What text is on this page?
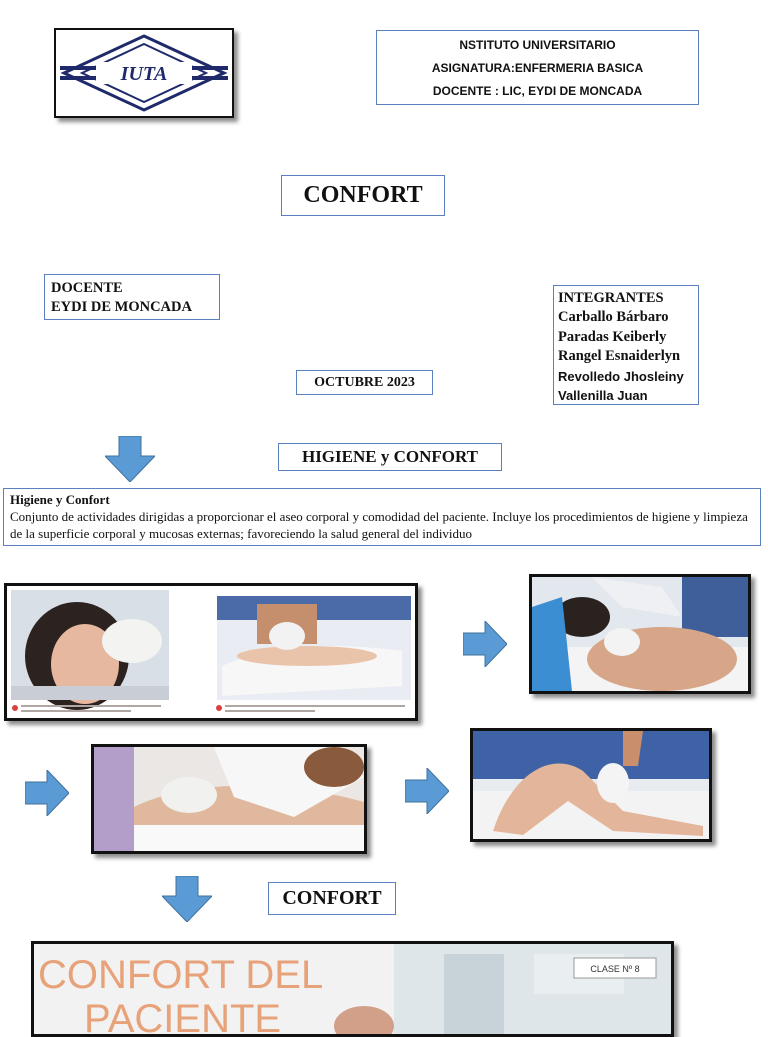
IUTA
NSTITUTO UNIVERSITARIO
ASIGNATURA:ENFERMERIA BASICA
DOCENTE : LIC, EYDI DE MONCADA
CONFORT
DOCENTE
EYDI DE MONCADA
INTEGRANTES
Carballo Bárbaro
Paradas Keiberly
Rangel Esnaiderlyn
Revolledo Jhosleiny
Vallenilla Juan
OCTUBRE 2023
HIGIENE y CONFORT
Higiene y Confort
Conjunto de actividades dirigidas a proporcionar el aseo corporal y comodidad del paciente. Incluye los procedimientos de higiene y limpieza de la superficie corporal y mucosas externas; favoreciendo la salud general del individuo
CONFORT
CLASE Nº 8
CONFORT DEL
PACIENTE
